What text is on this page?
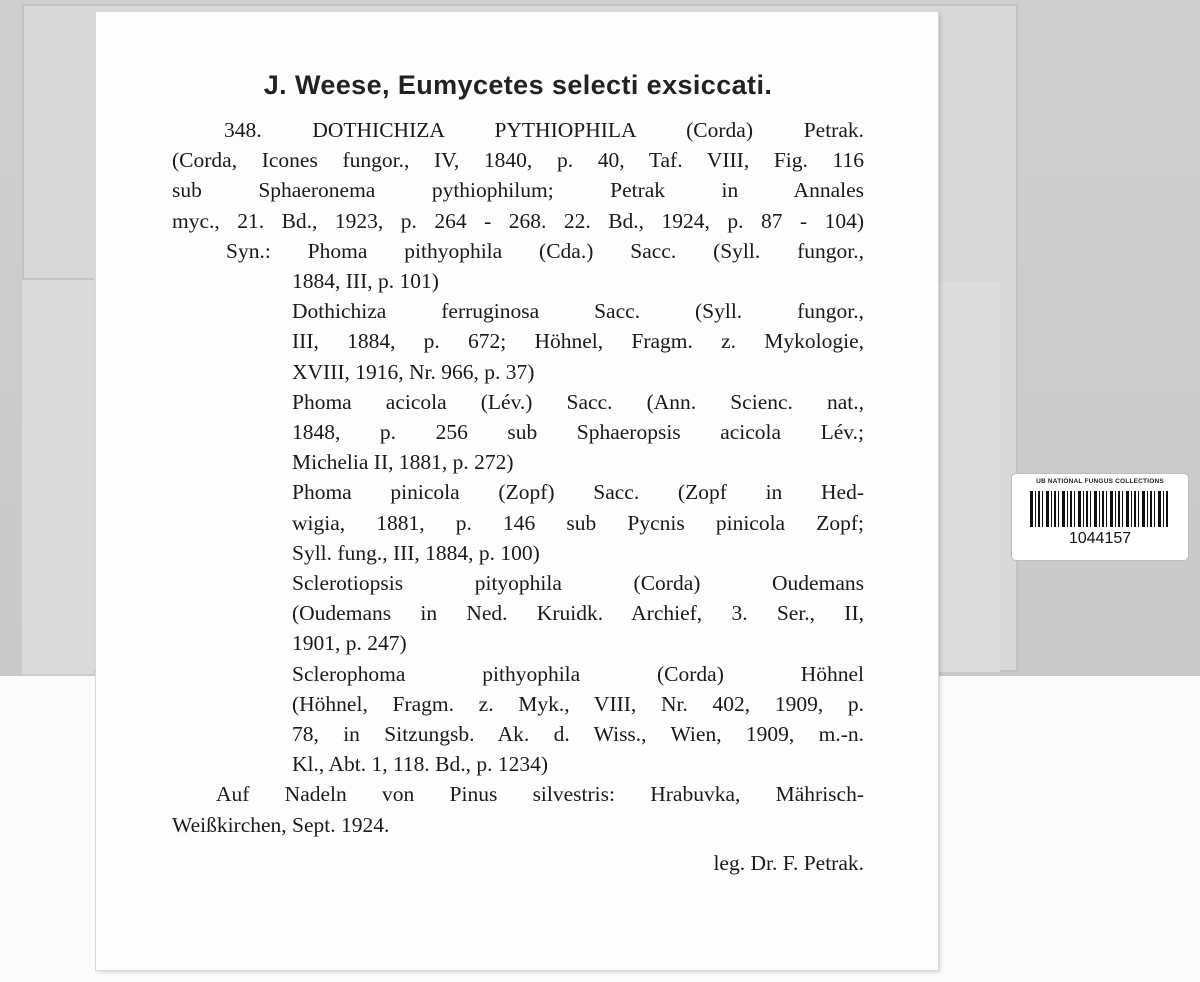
J. Weese, Eumycetes selecti exsiccati.
348. DOTHICHIZA PYTHIOPHILA (Corda) Petrak.
(Corda, Icones fungor., IV, 1840, p. 40, Taf. VIII, Fig. 116
sub Sphaeronema pythiophilum; Petrak in Annales
myc., 21. Bd., 1923, p. 264 - 268. 22. Bd., 1924, p. 87 - 104)
Syn.: Phoma pithyophila (Cda.) Sacc. (Syll. fungor.,
1884, III, p. 101)
Dothichiza ferruginosa Sacc. (Syll. fungor.,
III, 1884, p. 672; Höhnel, Fragm. z. Mykologie,
XVIII, 1916, Nr. 966, p. 37)
Phoma acicola (Lév.) Sacc. (Ann. Scienc. nat.,
1848, p. 256 sub Sphaeropsis acicola Lév.;
Michelia II, 1881, p. 272)
Phoma pinicola (Zopf) Sacc. (Zopf in Hed-
wigia, 1881, p. 146 sub Pycnis pinicola Zopf;
Syll. fung., III, 1884, p. 100)
Sclerotiopsis pityophila (Corda) Oudemans
(Oudemans in Ned. Kruidk. Archief, 3. Ser., II,
1901, p. 247)
Sclerophoma pithyophila (Corda) Höhnel
(Höhnel, Fragm. z. Myk., VIII, Nr. 402, 1909, p.
78, in Sitzungsb. Ak. d. Wiss., Wien, 1909, m.-n.
Kl., Abt. 1, 118. Bd., p. 1234)
Auf Nadeln von Pinus silvestris: Hrabuvka, Mährisch-
Weißkirchen, Sept. 1924.
leg. Dr. F. Petrak.
UB NATIONAL FUNGUS COLLECTIONS
1044157
